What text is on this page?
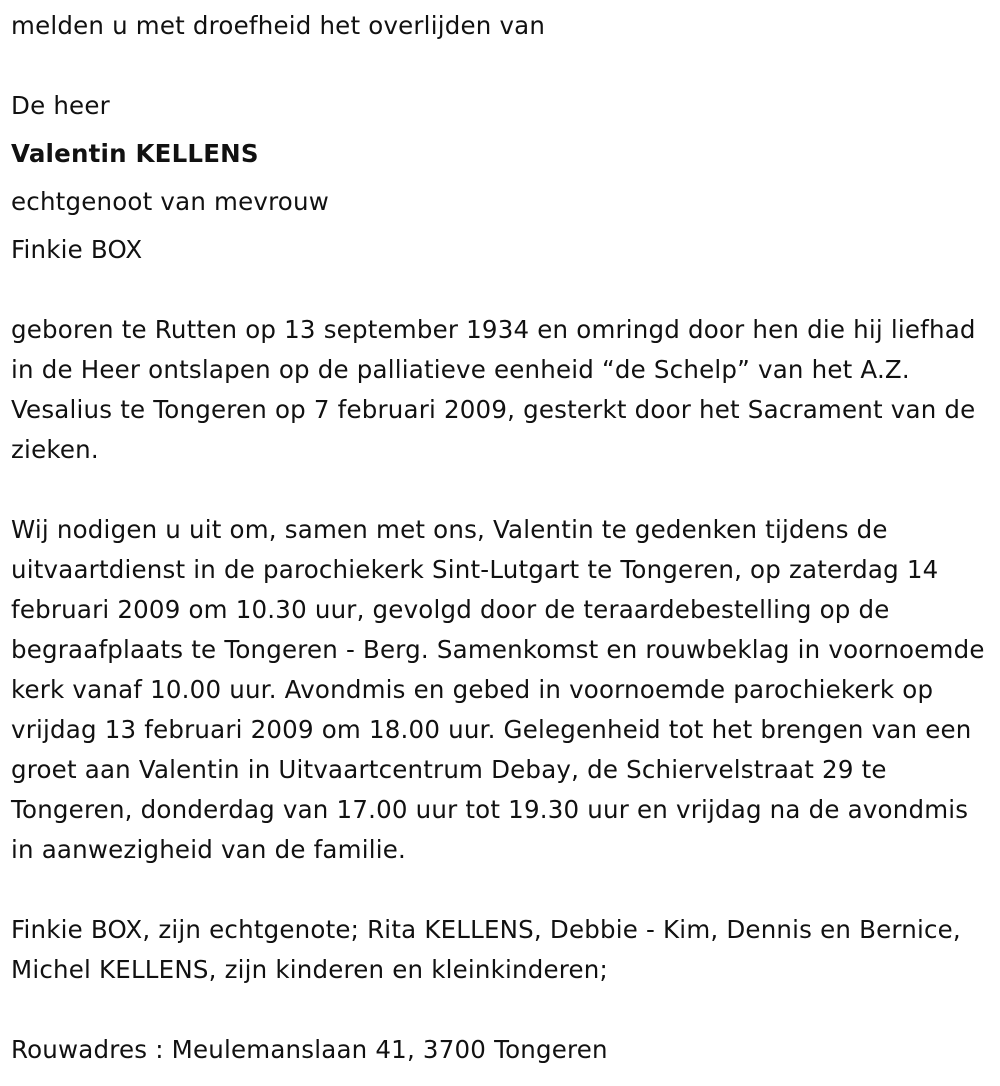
melden u met droefheid het overlijden van
De heer
Valentin KELLENS
echtgenoot van mevrouw
Finkie BOX

geboren te Rutten op 13 september 1934 en omringd door hen die hij liefhad in de Heer ontslapen op de palliatieve eenheid “de Schelp” van het A.Z. Vesalius te Tongeren op 7 februari 2009, gesterkt door het Sacrament van de zieken.

Wij nodigen u uit om, samen met ons, Valentin te gedenken tijdens de uitvaartdienst in de parochiekerk Sint-Lutgart te Tongeren, op zaterdag 14 februari 2009 om 10.30 uur, gevolgd door de teraardebestelling op de begraafplaats te Tongeren - Berg. Samenkomst en rouwbeklag in voornoemde kerk vanaf 10.00 uur. Avondmis en gebed in voornoemde parochiekerk op vrijdag 13 februari 2009 om 18.00 uur. Gelegenheid tot het brengen van een groet aan Valentin in Uitvaartcentrum Debay, de Schiervelstraat 29 te Tongeren, donderdag van 17.00 uur tot 19.30 uur en vrijdag na de avondmis in aanwezigheid van de familie.

Finkie BOX, zijn echtgenote; Rita KELLENS, Debbie - Kim, Dennis en Bernice, Michel KELLENS, zijn kinderen en kleinkinderen;

Rouwadres : Meulemanslaan 41, 3700 Tongeren
